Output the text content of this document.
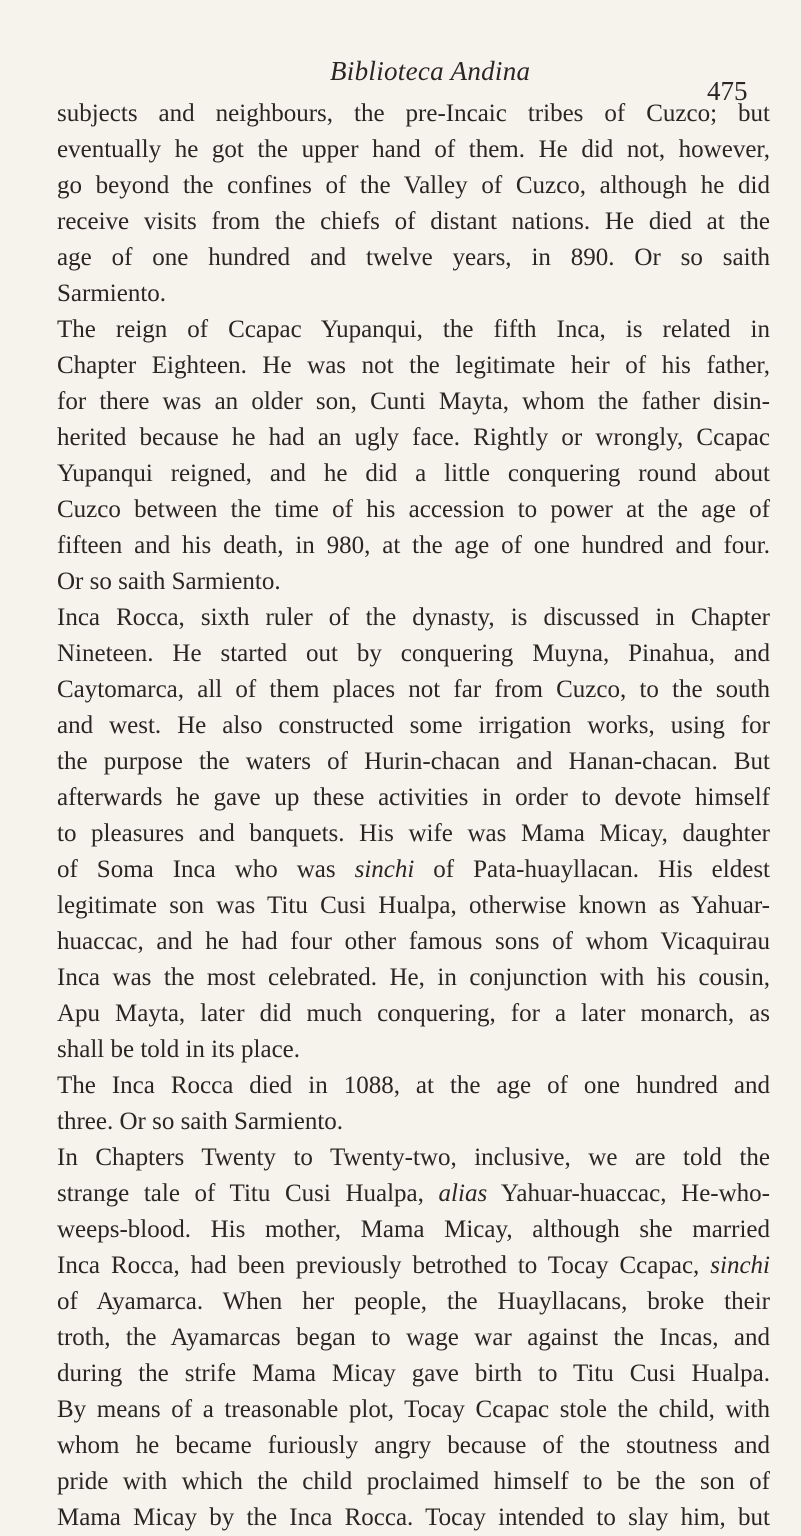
Biblioteca Andina
475
subjects and neighbours, the pre-Incaic tribes of Cuzco; but
eventually he got the upper hand of them. He did not, however,
go beyond the confines of the Valley of Cuzco, although he did
receive visits from the chiefs of distant nations. He died at the
age of one hundred and twelve years, in 890. Or so saith
Sarmiento.
The reign of Ccapac Yupanqui, the fifth Inca, is related in
Chapter Eighteen. He was not the legitimate heir of his father,
for there was an older son, Cunti Mayta, whom the father disin-
herited because he had an ugly face. Rightly or wrongly, Ccapac
Yupanqui reigned, and he did a little conquering round about
Cuzco between the time of his accession to power at the age of
fifteen and his death, in 980, at the age of one hundred and four.
Or so saith Sarmiento.
Inca Rocca, sixth ruler of the dynasty, is discussed in Chapter
Nineteen. He started out by conquering Muyna, Pinahua, and
Caytomarca, all of them places not far from Cuzco, to the south
and west. He also constructed some irrigation works, using for
the purpose the waters of Hurin-chacan and Hanan-chacan. But
afterwards he gave up these activities in order to devote himself
to pleasures and banquets. His wife was Mama Micay, daughter
of Soma Inca who was sinchi of Pata-huayllacan. His eldest
legitimate son was Titu Cusi Hualpa, otherwise known as Yahuar-
huaccac, and he had four other famous sons of whom Vicaquirau
Inca was the most celebrated. He, in conjunction with his cousin,
Apu Mayta, later did much conquering, for a later monarch, as
shall be told in its place.
The Inca Rocca died in 1088, at the age of one hundred and
three. Or so saith Sarmiento.
In Chapters Twenty to Twenty-two, inclusive, we are told the
strange tale of Titu Cusi Hualpa, alias Yahuar-huaccac, He-who-
weeps-blood. His mother, Mama Micay, although she married
Inca Rocca, had been previously betrothed to Tocay Ccapac, sinchi
of Ayamarca. When her people, the Huayllacans, broke their
troth, the Ayamarcas began to wage war against the Incas, and
during the strife Mama Micay gave birth to Titu Cusi Hualpa.
By means of a treasonable plot, Tocay Ccapac stole the child, with
whom he became furiously angry because of the stoutness and
pride with which the child proclaimed himself to be the son of
Mama Micay by the Inca Rocca. Tocay intended to slay him, but
